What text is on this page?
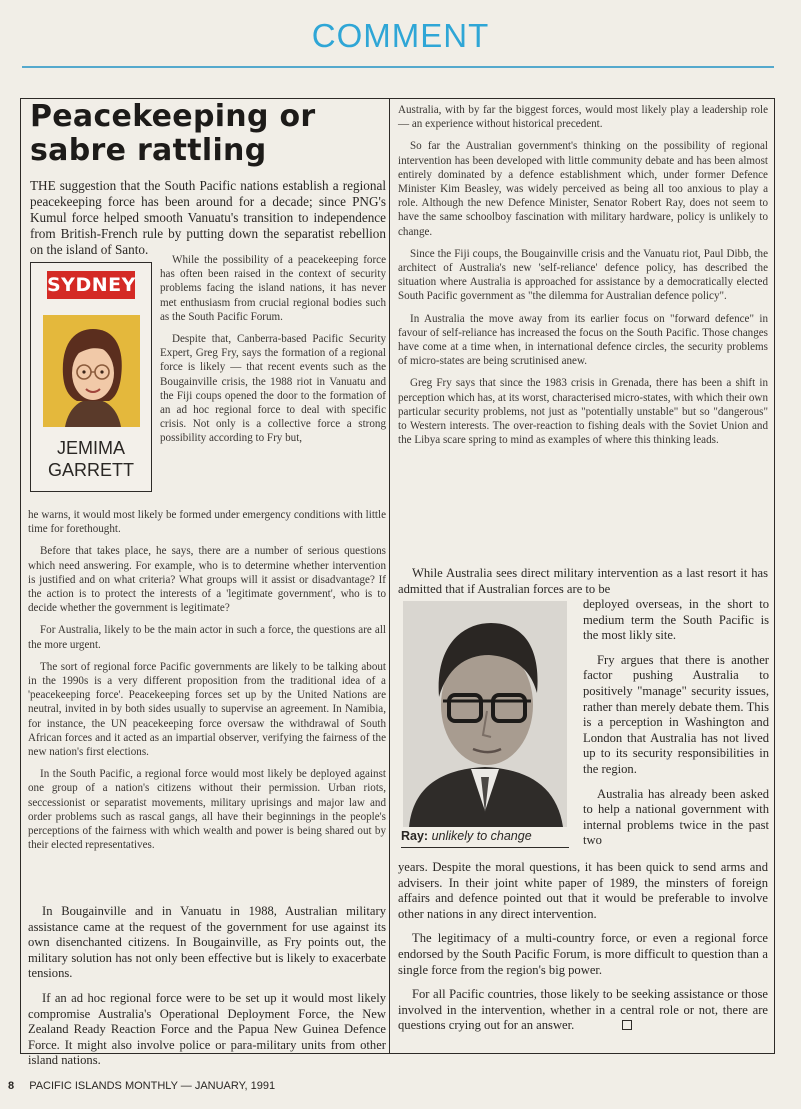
COMMENT
Peacekeeping or sabre rattling
THE suggestion that the South Pacific nations establish a regional peacekeeping force has been around for a decade; since PNG's Kumul force helped smooth Vanuatu's transition to independence from British-French rule by putting down the separatist rebellion on the island of Santo.
SYDNEY
JEMIMA
GARRETT

While the possibility of a peacekeeping force has often been raised in the context of security problems facing the island nations, it has never met enthusiasm from crucial regional bodies such as the South Pacific Forum.

Despite that, Canberra-based Pacific Security Expert, Greg Fry, says the formation of a regional force is likely — that recent events such as the Bougainville crisis, the 1988 riot in Vanuatu and the Fiji coups opened the door to the formation of an ad hoc regional force to deal with specific crisis. Not only is a collective force a strong possibility according to Fry but,

he warns, it would most likely be formed under emergency conditions with little time for forethought.

Before that takes place, he says, there are a number of serious questions which need answering. For example, who is to determine whether intervention is justified and on what criteria? What groups will it assist or disadvantage? If the action is to protect the interests of a 'legitimate government', who is to decide whether the government is legitimate?

For Australia, likely to be the main actor in such a force, the questions are all the more urgent.

The sort of regional force Pacific governments are likely to be talking about in the 1990s is a very different proposition from the traditional idea of a 'peacekeeping force'. Peacekeeping forces set up by the United Nations are neutral, invited in by both sides usually to supervise an agreement. In Namibia, for instance, the UN peacekeeping force oversaw the withdrawal of South African forces and it acted as an impartial observer, verifying the fairness of the new nation's first elections.

In the South Pacific, a regional force would most likely be deployed against one group of a nation's citizens without their permission. Urban riots, seccessionist or separatist movements, military uprisings and major law and order problems such as rascal gangs, all have their beginnings in the people's perceptions of the fairness with which wealth and power is being shared out by their elected representatives.

In Bougainville and in Vanuatu in 1988, Australian military assistance came at the request of the government for use against its own disenchanted citizens. In Bougainville, as Fry points out, the military solution has not only been effective but is likely to exacerbate tensions.

If an ad hoc regional force were to be set up it would most likely compromise Australia's Operational Deployment Force, the New Zealand Ready Reaction Force and the Papua New Guinea Defence Force. It might also involve police or para-military units from other island nations.

Australia, with by far the biggest forces, would most likely play a leadership role — an experience without historical precedent.

So far the Australian government's thinking on the possibility of regional intervention has been developed with little community debate and has been almost entirely dominated by a defence establishment which, under former Defence Minister Kim Beasley, was widely perceived as being all too anxious to play a role. Although the new Defence Minister, Senator Robert Ray, does not seem to have the same schoolboy fascination with military hardware, policy is unlikely to change.

Since the Fiji coups, the Bougainville crisis and the Vanuatu riot, Paul Dibb, the architect of Australia's new 'self-reliance' defence policy, has described the situation where Australia is approached for assistance by a democratically elected South Pacific government as "the dilemma for Australian defence policy".

In Australia the move away from its earlier focus on "forward defence" in favour of self-reliance has increased the focus on the South Pacific. Those changes have come at a time when, in international defence circles, the security problems of micro-states are being scrutinised anew.

Greg Fry says that since the 1983 crisis in Grenada, there has been a shift in perception which has, at its worst, characterised micro-states, with which their own particular security problems, not just as "potentially unstable" but so "dangerous" to Western interests. The over-reaction to fishing deals with the Soviet Union and the Libya scare spring to mind as examples of where this thinking leads.

While Australia sees direct military intervention as a last resort it has admitted that if Australian forces are to be

Ray: unlikely to change

deployed overseas, in the short to medium term the South Pacific is the most likly site.

Fry argues that there is another factor pushing Australia to positively "manage" security issues, rather than merely debate them. This is a perception in Washington and London that Australia has not lived up to its security responsibilities in the region.

Australia has already been asked to help a national government with internal problems twice in the past two

years. Despite the moral questions, it has been quick to send arms and advisers. In their joint white paper of 1989, the minsters of foreign affairs and defence pointed out that it would be preferable to involve other nations in any direct intervention.

The legitimacy of a multi-country force, or even a regional force endorsed by the South Pacific Forum, is more difficult to question than a single force from the region's big power.

For all Pacific countries, those likely to be seeking assistance or those involved in the intervention, whether in a central role or not, there are questions crying out for an answer.

8 PACIFIC ISLANDS MONTHLY — JANUARY, 1991
